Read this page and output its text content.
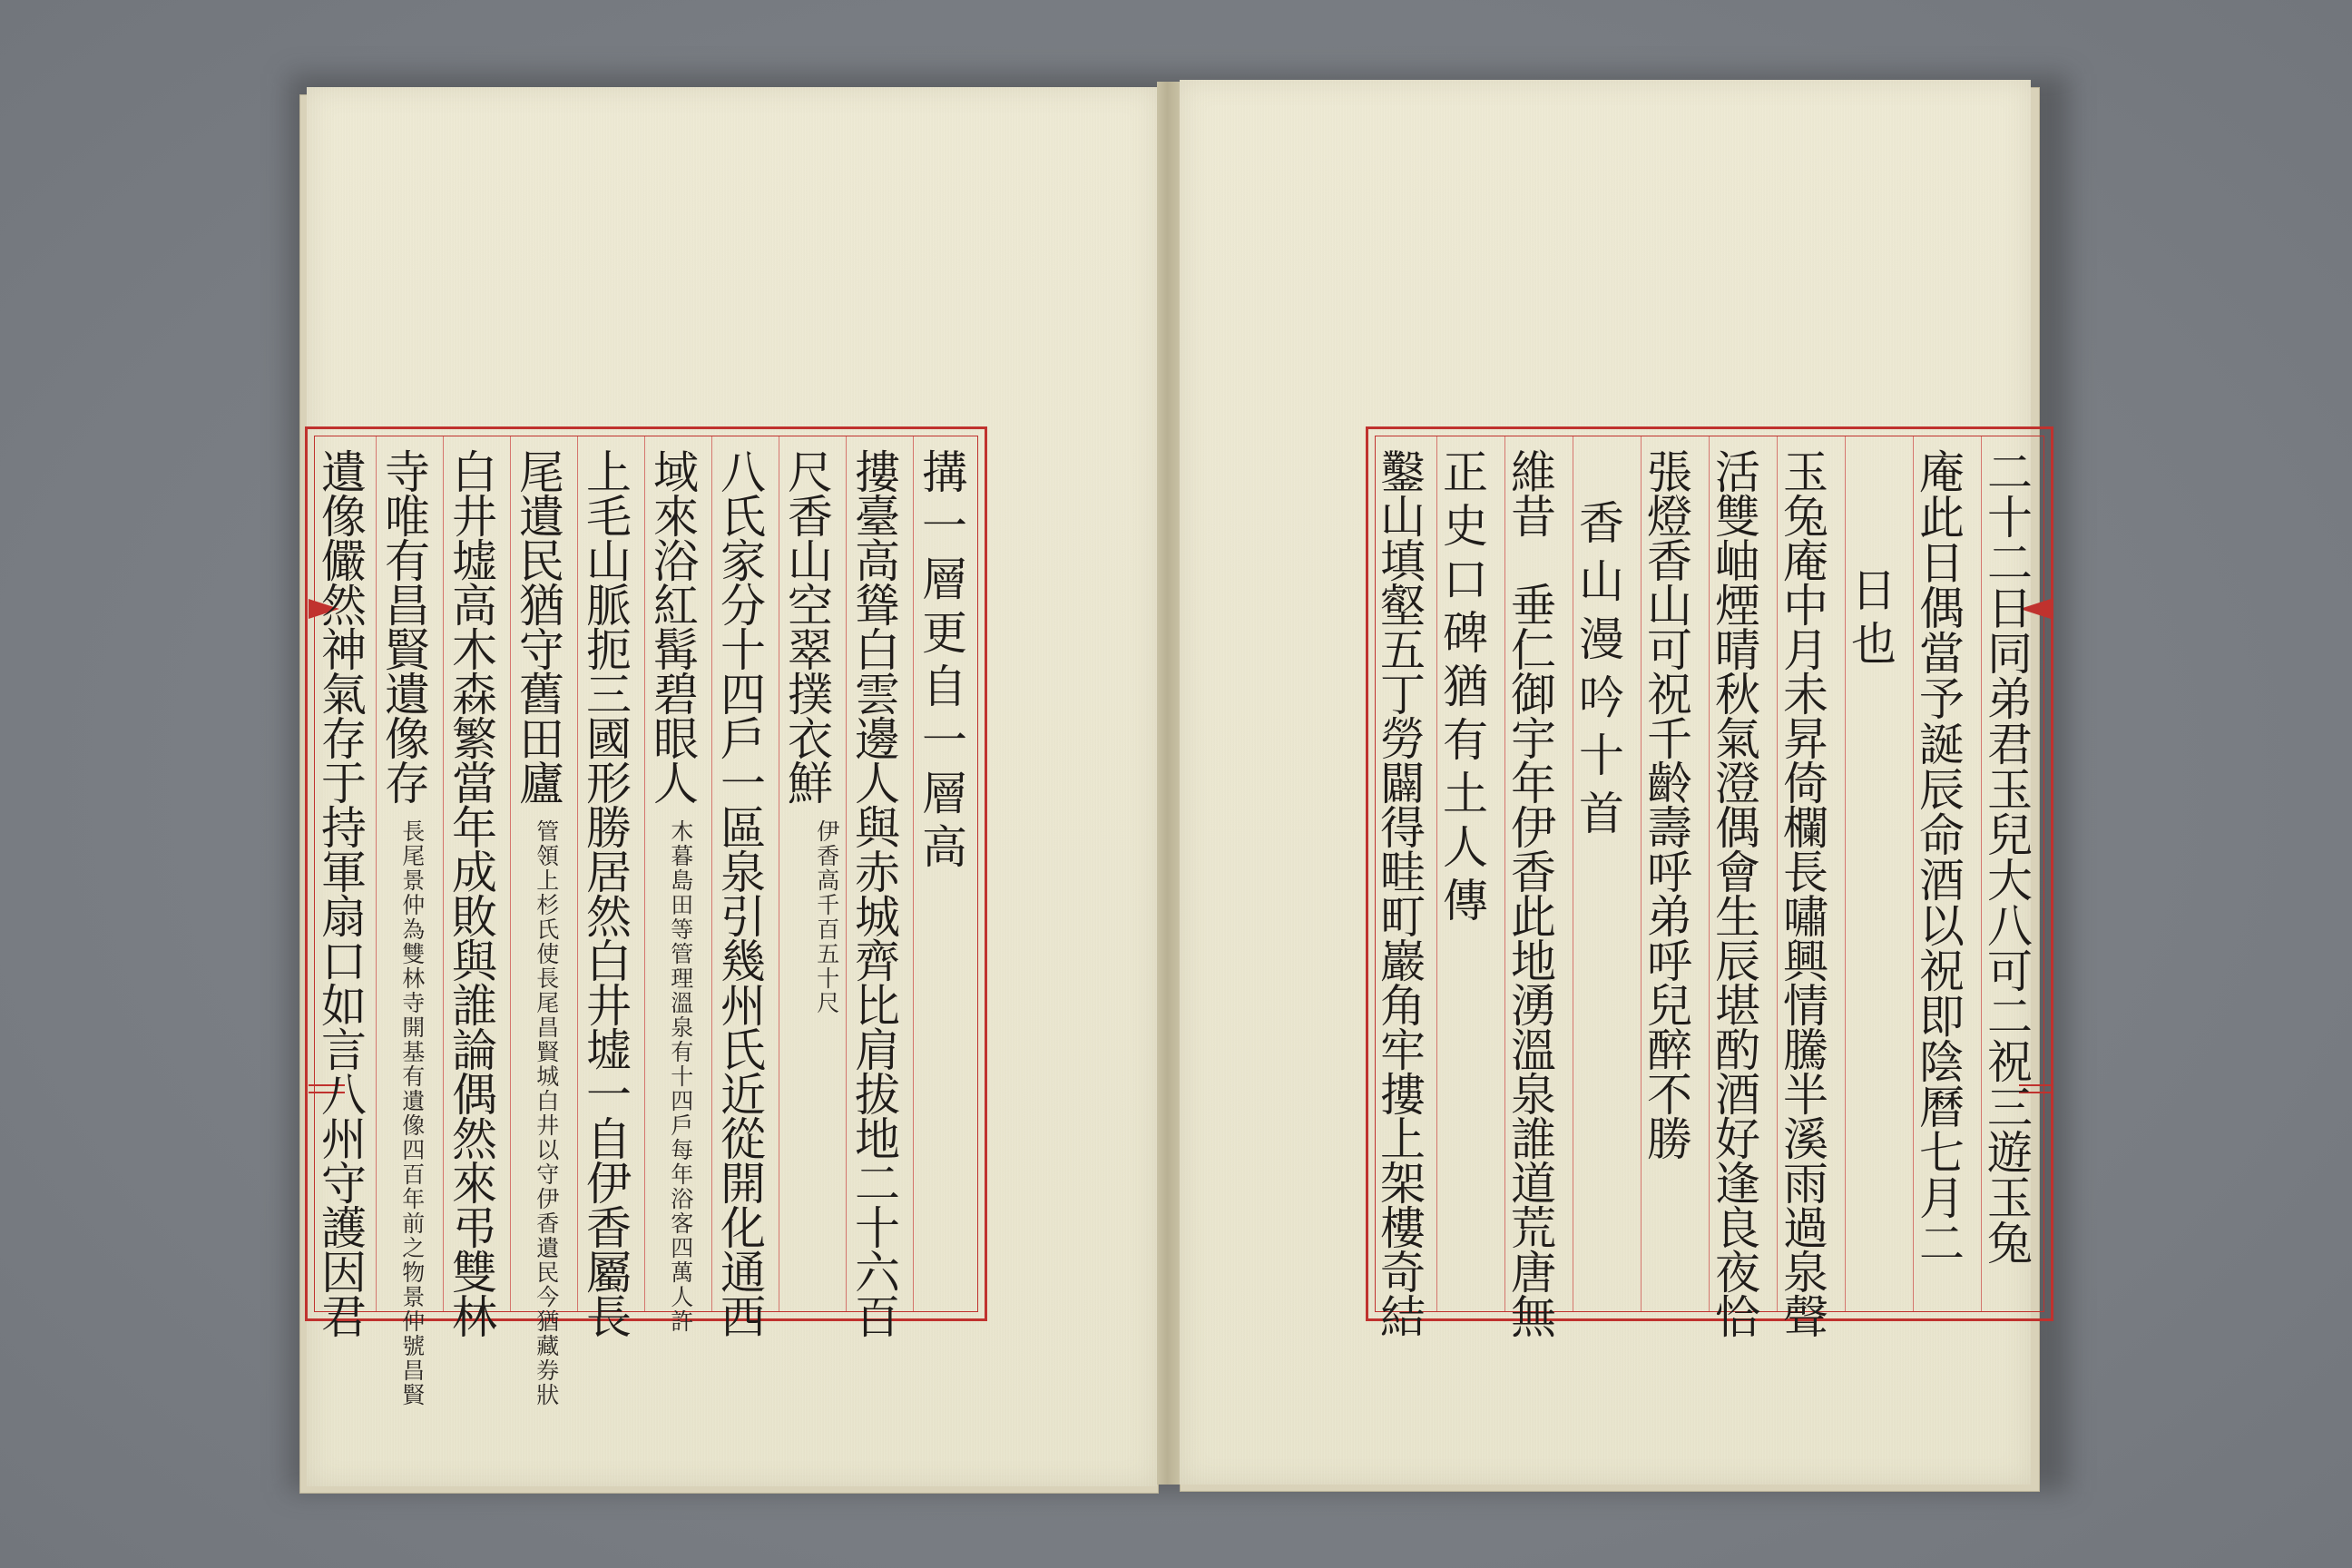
搆一層更自一層高
摟臺高聳白雲邊人與赤城齊比肩拔地二十六百
尺香山空翠撲衣鮮
伊香高千百五十尺
八氏家分十四戶一區泉引幾州氏近從開化通西
域來浴紅髯碧眼人
木暮島田等管理溫泉有十四戶每年浴客四萬人許
上毛山脈扼三國形勝居然白井墟一自伊香屬長
尾遺民猶守舊田廬
管領上杉氏使長尾昌賢城白井以守伊香遺民今猶藏券狀
白井墟高木森繁當年成敗與誰論偶然來弔雙林
寺唯有昌賢遺像存
長尾景仲為雙林寺開基有遺像四百年前之物景仲號昌賢
遺像儼然神氣存于持軍扇口如言八州守護因君	二十二日同弟君玉兒大八可二祝三遊玉兔
庵此日偶當予誕辰命酒以祝即陰曆七月二
日也
玉兔庵中月未昇倚欄長嘯興情騰半溪雨過泉聲
活雙岫煙晴秋氣澄偶會生辰堪酌酒好逢良夜恰
張燈香山可祝千齡壽呼弟呼兒醉不勝
香山漫吟十首
維昔　垂仁御宇年伊香此地湧溫泉誰道荒唐無
正史口碑猶有土人傳
鑿山填壑五丁勞闢得畦町巖角牢摟上架樓奇結
